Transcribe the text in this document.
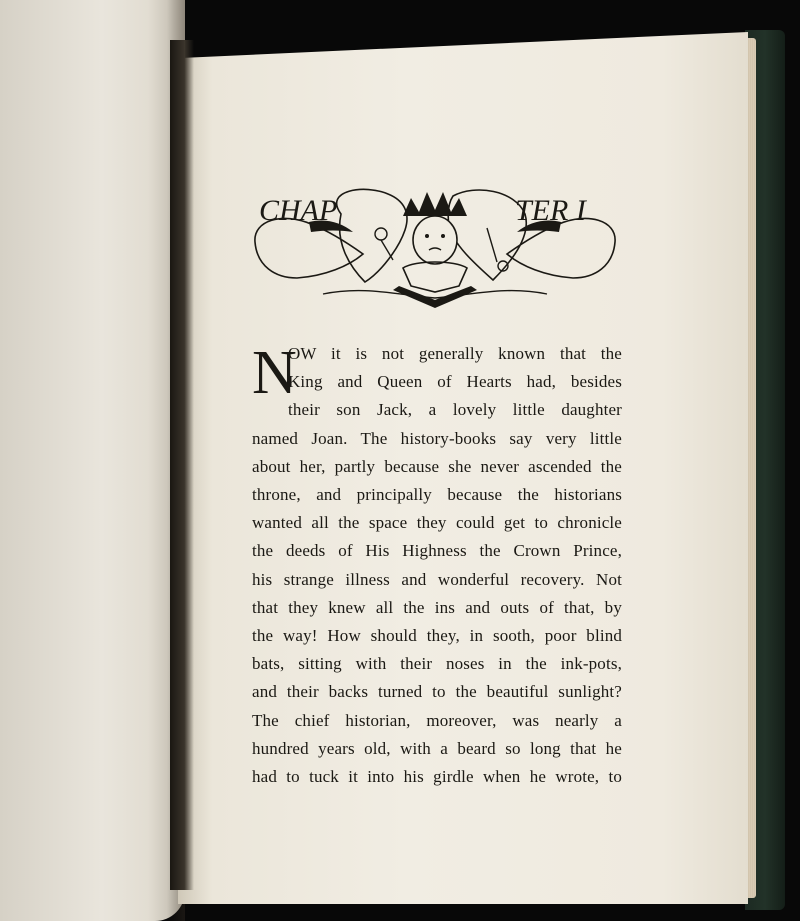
CHAP	TER I
N
OW it is not generally known that the
King and Queen of Hearts had, besides
their son Jack, a lovely little daughter
named Joan. The history-books say very little
about her, partly because she never ascended the
throne, and principally because the historians
wanted all the space they could get to chronicle
the deeds of His Highness the Crown Prince,
his strange illness and wonderful recovery. Not
that they knew all the ins and outs of that, by
the way! How should they, in sooth, poor blind
bats, sitting with their noses in the ink-pots,
and their backs turned to the beautiful sunlight?
The chief historian, moreover, was nearly a
hundred years old, with a beard so long that he
had to tuck it into his girdle when he wrote, to
